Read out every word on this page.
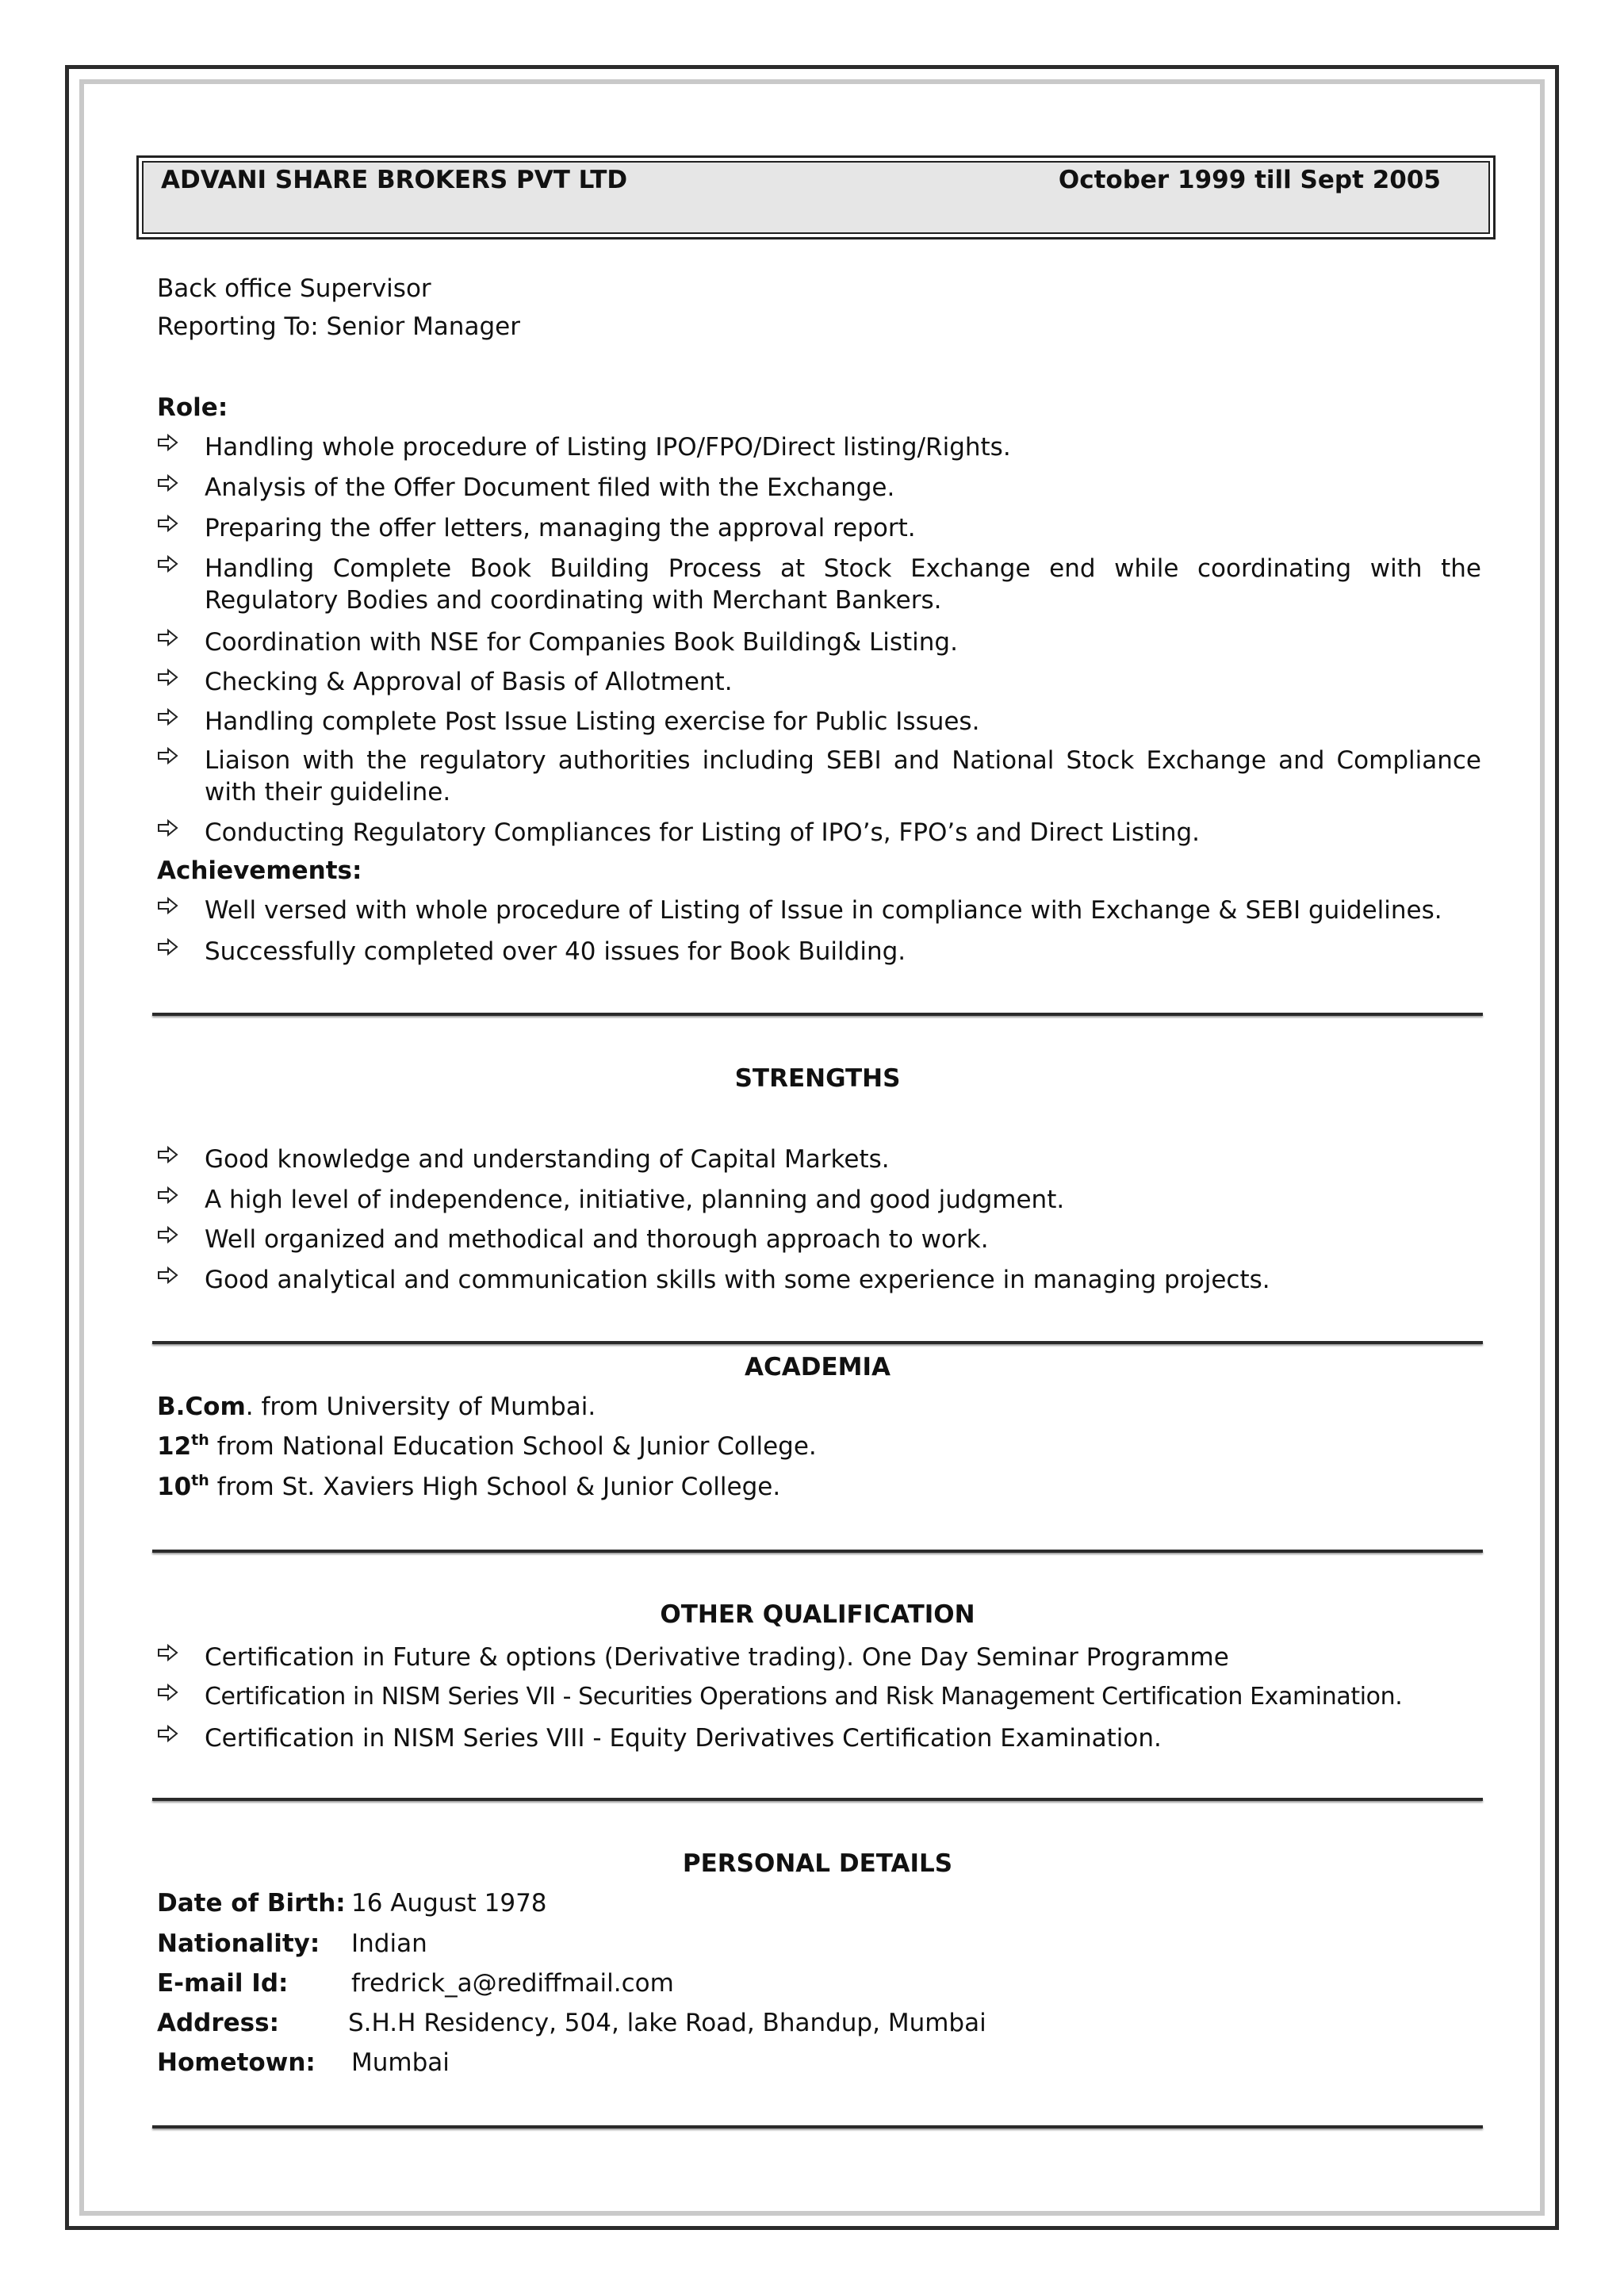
ADVANI SHARE BROKERS PVT LTD	October 1999 till Sept 2005
Back office Supervisor
Reporting To: Senior Manager
Role:
Handling whole procedure of Listing IPO/FPO/Direct listing/Rights.
Analysis of the Offer Document filed with the Exchange.
Preparing the offer letters, managing the approval report.
Handling Complete Book Building Process at Stock Exchange end while coordinating with the Regulatory Bodies and coordinating with Merchant Bankers.
Coordination with NSE for Companies Book Building& Listing.
Checking & Approval of Basis of Allotment.
Handling complete Post Issue Listing exercise for Public Issues.
Liaison with the regulatory authorities including SEBI and National Stock Exchange and Compliance with their guideline.
Conducting Regulatory Compliances for Listing of IPO’s, FPO’s and Direct Listing.
Achievements:
Well versed with whole procedure of Listing of Issue in compliance with Exchange & SEBI guidelines.
Successfully completed over 40 issues for Book Building.
STRENGTHS
Good knowledge and understanding of Capital Markets.
A high level of independence, initiative, planning and good judgment.
Well organized and methodical and thorough approach to work.
Good analytical and communication skills with some experience in managing projects.
ACADEMIA
B.Com. from University of Mumbai.
12th from National Education School & Junior College.
10th from St. Xaviers High School & Junior College.
OTHER QUALIFICATION
Certification in Future & options (Derivative trading). One Day Seminar Programme
Certification in NISM Series VII - Securities Operations and Risk Management Certification Examination.
Certification in NISM Series VIII - Equity Derivatives Certification Examination.
PERSONAL DETAILS
Date of Birth: 16 August 1978
Nationality: Indian
E-mail Id:	fredrick_a@rediffmail.com
Address:	S.H.H Residency, 504, lake Road, Bhandup, Mumbai
Hometown: Mumbai
